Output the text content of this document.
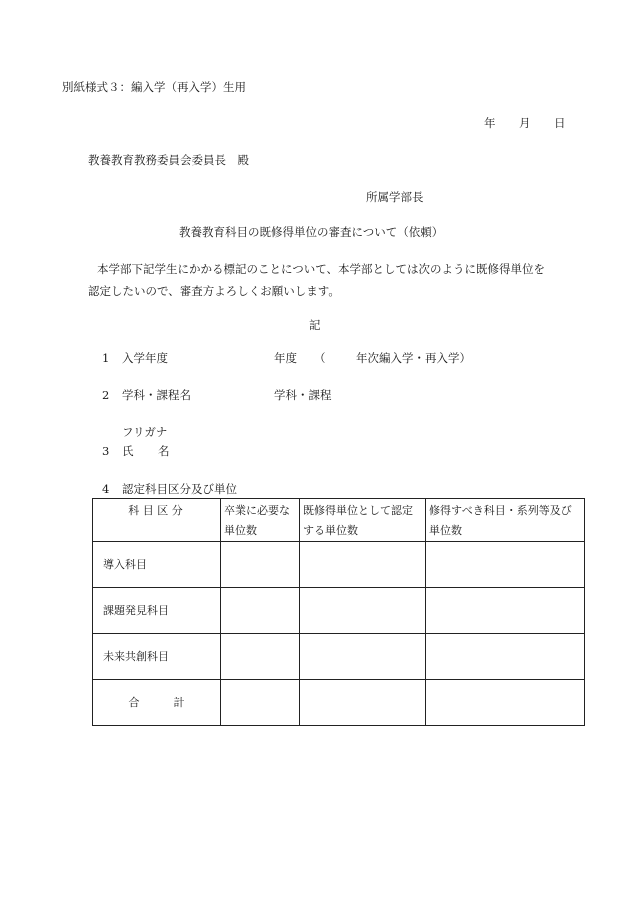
別紙様式３：編入学（再入学）生用
年 月 日
教養教育教務委員会委員長　殿
所属学部長
教養教育科目の既修得単位の審査について（依頼）
本学部下記学生にかかる標記のことについて、本学部としては次のように既修得単位を
認定したいので、審査方よろしくお願いします。
記
1 入学年度	年度 （	年次編入学・再入学）
2 学科・課程名	学科・課程
フリガナ
3 氏 名
4 認定科目区分及び単位
科 目 区 分	卒業に必要な単位数	既修得単位として認定する単位数	修得すべき科目・系列等及び単位数

導入科目			
課題発見科目			
未来共創科目			
合 計			
